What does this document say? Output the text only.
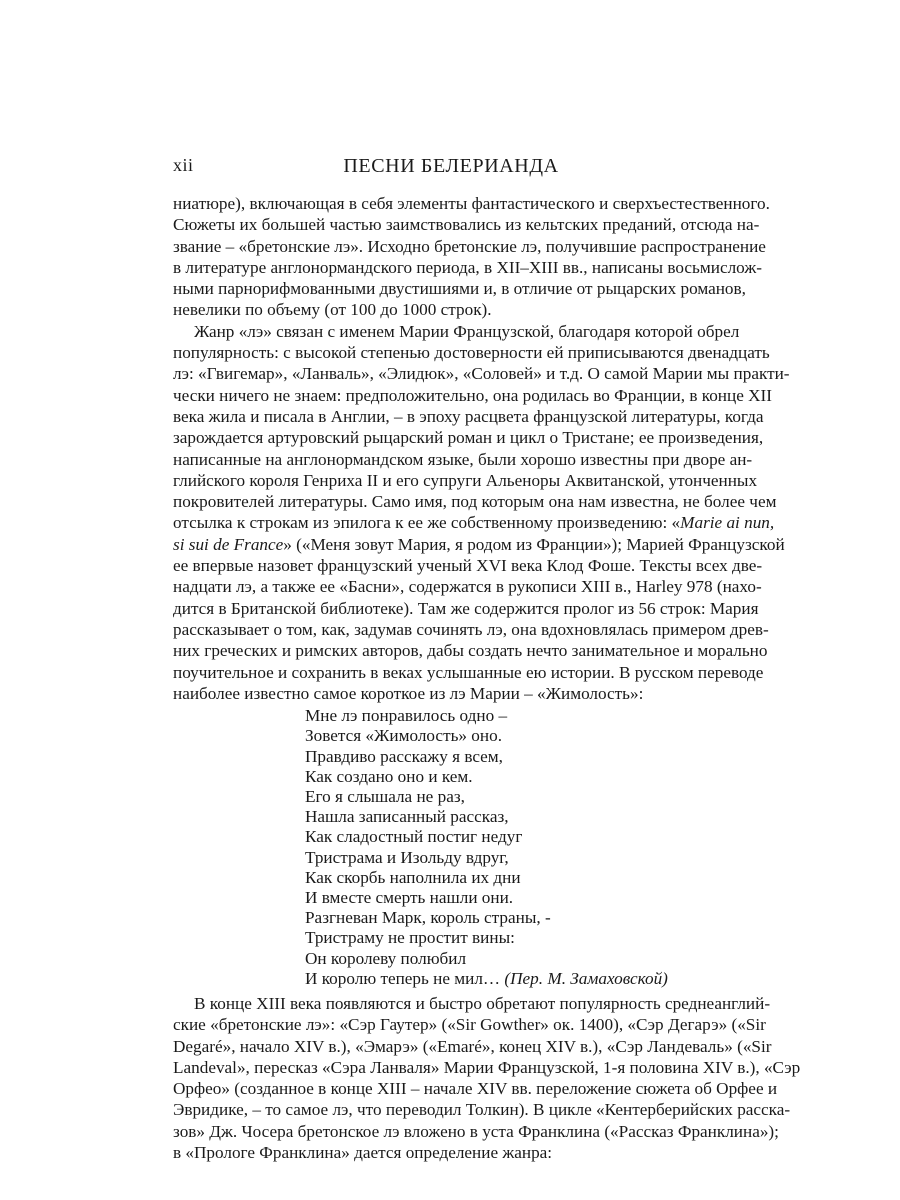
xii	ПЕСНИ БЕЛЕРИАНДА
ниатюре), включающая в себя элементы фантастического и сверхъестественного.
Сюжеты их большей частью заимствовались из кельтских преданий, отсюда на-
звание – «бретонские лэ». Исходно бретонские лэ, получившие распространение
в литературе англонормандского периода, в XII–XIII вв., написаны восьмислож-
ными парнорифмованными двустишиями и, в отличие от рыцарских романов,
невелики по объему (от 100 до 1000 строк).
Жанр «лэ» связан с именем Марии Французской, благодаря которой обрел
популярность: с высокой степенью достоверности ей приписываются двенадцать
лэ: «Гвигемар», «Ланваль», «Элидюк», «Соловей» и т.д. О самой Марии мы практи-
чески ничего не знаем: предположительно, она родилась во Франции, в конце XII
века жила и писала в Англии, – в эпоху расцвета французской литературы, когда
зарождается артуровский рыцарский роман и цикл о Тристане; ее произведения,
написанные на англонормандском языке, были хорошо известны при дворе ан-
глийского короля Генриха II и его супруги Альеноры Аквитанской, утонченных
покровителей литературы. Само имя, под которым она нам известна, не более чем
отсылка к строкам из эпилога к ее же собственному произведению: «Marie ai nun,
si sui de France» («Меня зовут Мария, я родом из Франции»); Марией Французской
ее впервые назовет французский ученый XVI века Клод Фоше. Тексты всех две-
надцати лэ, а также ее «Басни», содержатся в рукописи XIII в., Harley 978 (нахо-
дится в Британской библиотеке). Там же содержится пролог из 56 строк: Мария
рассказывает о том, как, задумав сочинять лэ, она вдохновлялась примером древ-
них греческих и римских авторов, дабы создать нечто занимательное и морально
поучительное и сохранить в веках услышанные ею истории. В русском переводе
наиболее известно самое короткое из лэ Марии – «Жимолость»:
Мне лэ понравилось одно –
Зовется «Жимолость» оно.
Правдиво расскажу я всем,
Как создано оно и кем.
Его я слышала не раз,
Нашла записанный рассказ,
Как сладостный постиг недуг
Тристрама и Изольду вдруг,
Как скорбь наполнила их дни
И вместе смерть нашли они.
Разгневан Марк, король страны, -
Тристраму не простит вины:
Он королеву полюбил
И королю теперь не мил… (Пер. М. Замаховской)
В конце XIII века появляются и быстро обретают популярность среднеанглий-
ские «бретонские лэ»: «Сэр Гаутер» («Sir Gowther» ок. 1400), «Сэр Дегарэ» («Sir
Degaré», начало XIV в.), «Эмарэ» («Emaré», конец XIV в.), «Сэр Ландеваль» («Sir
Landeval», пересказ «Сэра Ланваля» Марии Французской, 1-я половина XIV в.), «Сэр
Орфео» (созданное в конце XIII – начале XIV вв. переложение сюжета об Орфее и
Эвридике, – то самое лэ, что переводил Толкин). В цикле «Кентерберийских расска-
зов» Дж. Чосера бретонское лэ вложено в уста Франклина («Рассказ Франклина»);
в «Прологе Франклина» дается определение жанра:
